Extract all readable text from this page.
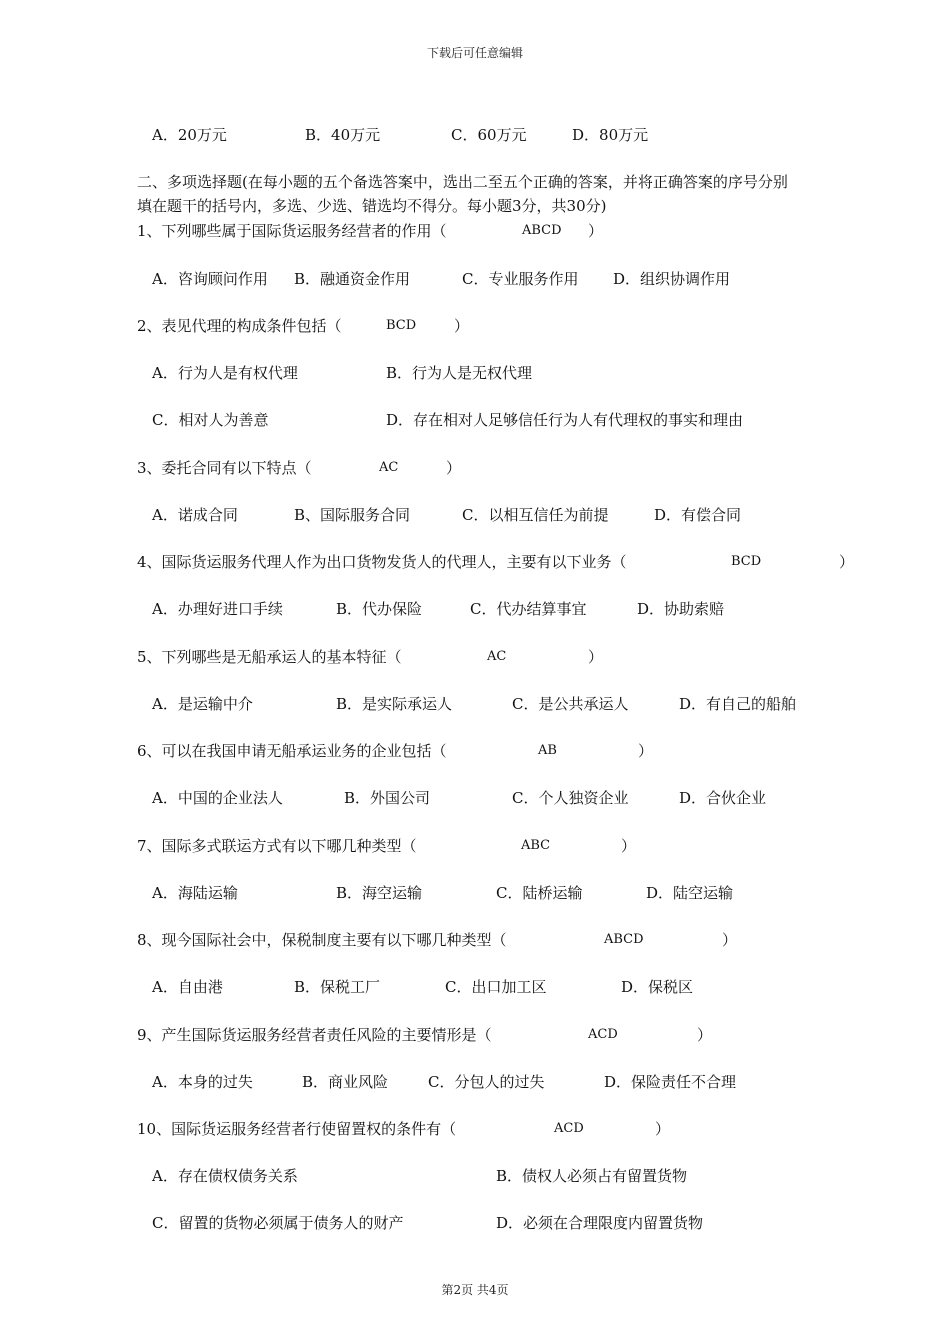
下载后可任意编辑
A．20万元	B．40万元	C．60万元	D．80万元
二、多项选择题(在每小题的五个备选答案中，选出二至五个正确的答案，并将正确答案的序号分别
填在题干的括号内，多选、少选、错选均不得分。每小题3分，共30分)
1、下列哪些属于国际货运服务经营者的作用（	ABCD ）
A．咨询顾问作用 B．融通资金作用	C．专业服务作用 D．组织协调作用
2、表见代理的构成条件包括（	BCD	）
A．行为人是有权代理	B．行为人是无权代理
C．相对人为善意	D．存在相对人足够信任行为人有代理权的事实和理由
3、委托合同有以下特点（	AC	）
A．诺成合同	B、国际服务合同	C．以相互信任为前提	D．有偿合同
4、国际货运服务代理人作为出口货物发货人的代理人，主要有以下业务（	BCD	）
A．办理好进口手续	B．代办保险	C．代办结算事宜	D．协助索赔
5、下列哪些是无船承运人的基本特征（	AC	）
A．是运输中介	B．是实际承运人	C．是公共承运人	D．有自己的船舶
6、可以在我国申请无船承运业务的企业包括（	AB	）
A．中国的企业法人	B．外国公司	C．个人独资企业	D．合伙企业
7、国际多式联运方式有以下哪几种类型（	ABC	）
A．海陆运输	B．海空运输	C．陆桥运输	D．陆空运输
8、现今国际社会中，保税制度主要有以下哪几种类型（	ABCD	）
A．自由港	B．保税工厂	C．出口加工区	D．保税区
9、产生国际货运服务经营者责任风险的主要情形是（	ACD	）
A．本身的过失	B．商业风险	C．分包人的过失	D．保险责任不合理
10、国际货运服务经营者行使留置权的条件有（	ACD	）
A．存在债权债务关系	B．债权人必须占有留置货物
C．留置的货物必须属于债务人的财产	D．必须在合理限度内留置货物
第2页 共4页
